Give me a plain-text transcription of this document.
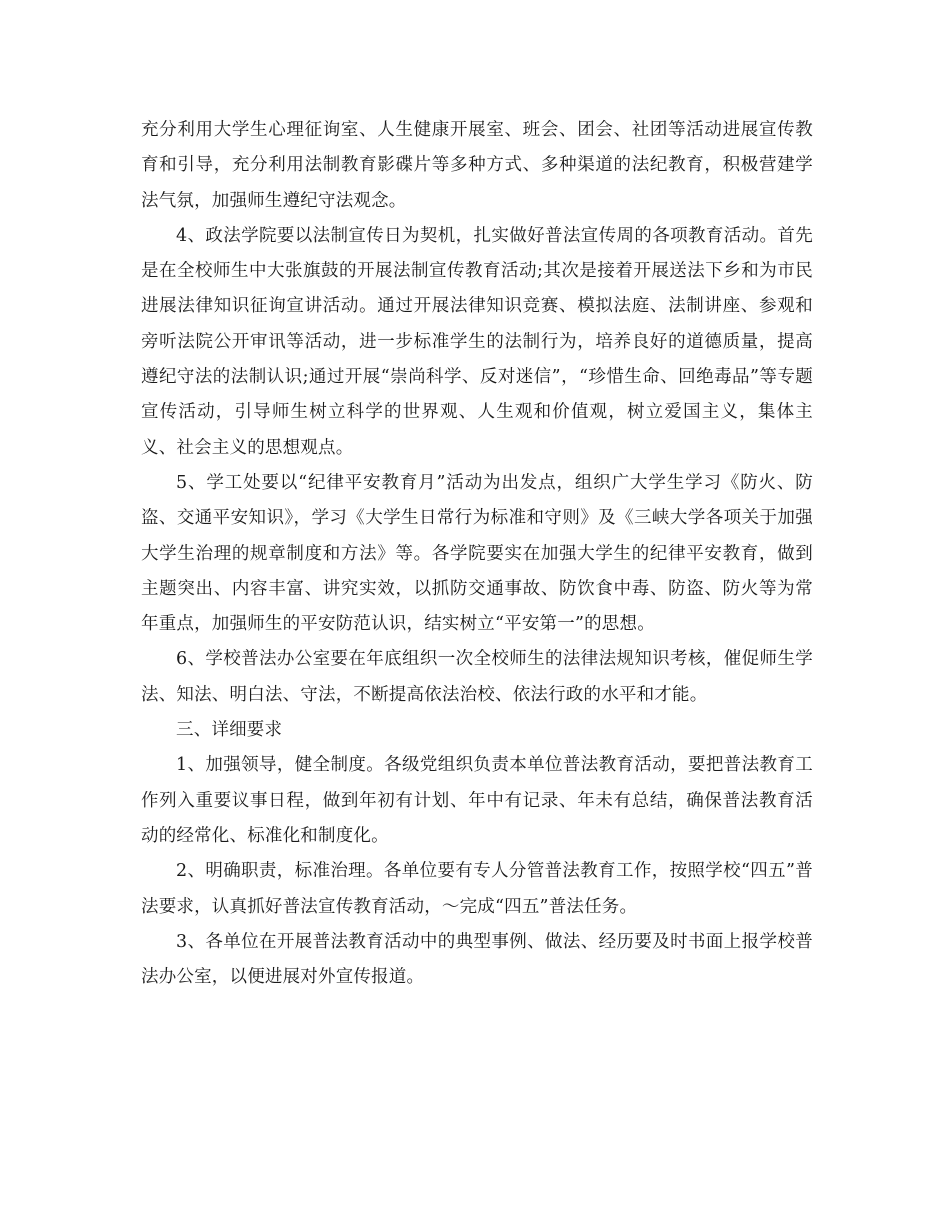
充分利用大学生心理征询室、人生健康开展室、班会、团会、社团等活动进展宣传教育和引导，充分利用法制教育影碟片等多种方式、多种渠道的法纪教育，积极营建学法气氛，加强师生遵纪守法观念。

4、政法学院要以法制宣传日为契机，扎实做好普法宣传周的各项教育活动。首先是在全校师生中大张旗鼓的开展法制宣传教育活动;其次是接着开展送法下乡和为市民进展法律知识征询宣讲活动。通过开展法律知识竞赛、模拟法庭、法制讲座、参观和旁听法院公开审讯等活动，进一步标准学生的法制行为，培养良好的道德质量，提高遵纪守法的法制认识;通过开展“崇尚科学、反对迷信”，“珍惜生命、回绝毒品”等专题宣传活动，引导师生树立科学的世界观、人生观和价值观，树立爱国主义，集体主义、社会主义的思想观点。

5、学工处要以“纪律平安教育月”活动为出发点，组织广大学生学习《防火、防盗、交通平安知识》，学习《大学生日常行为标准和守则》及《三峡大学各项关于加强大学生治理的规章制度和方法》等。各学院要实在加强大学生的纪律平安教育，做到主题突出、内容丰富、讲究实效，以抓防交通事故、防饮食中毒、防盗、防火等为常年重点，加强师生的平安防范认识，结实树立“平安第一”的思想。

6、学校普法办公室要在年底组织一次全校师生的法律法规知识考核，催促师生学法、知法、明白法、守法，不断提高依法治校、依法行政的水平和才能。

三、详细要求

1、加强领导，健全制度。各级党组织负责本单位普法教育活动，要把普法教育工作列入重要议事日程，做到年初有计划、年中有记录、年未有总结，确保普法教育活动的经常化、标准化和制度化。

2、明确职责，标准治理。各单位要有专人分管普法教育工作，按照学校“四五”普法要求，认真抓好普法宣传教育活动，～完成“四五”普法任务。

3、各单位在开展普法教育活动中的典型事例、做法、经历要及时书面上报学校普法办公室，以便进展对外宣传报道。
